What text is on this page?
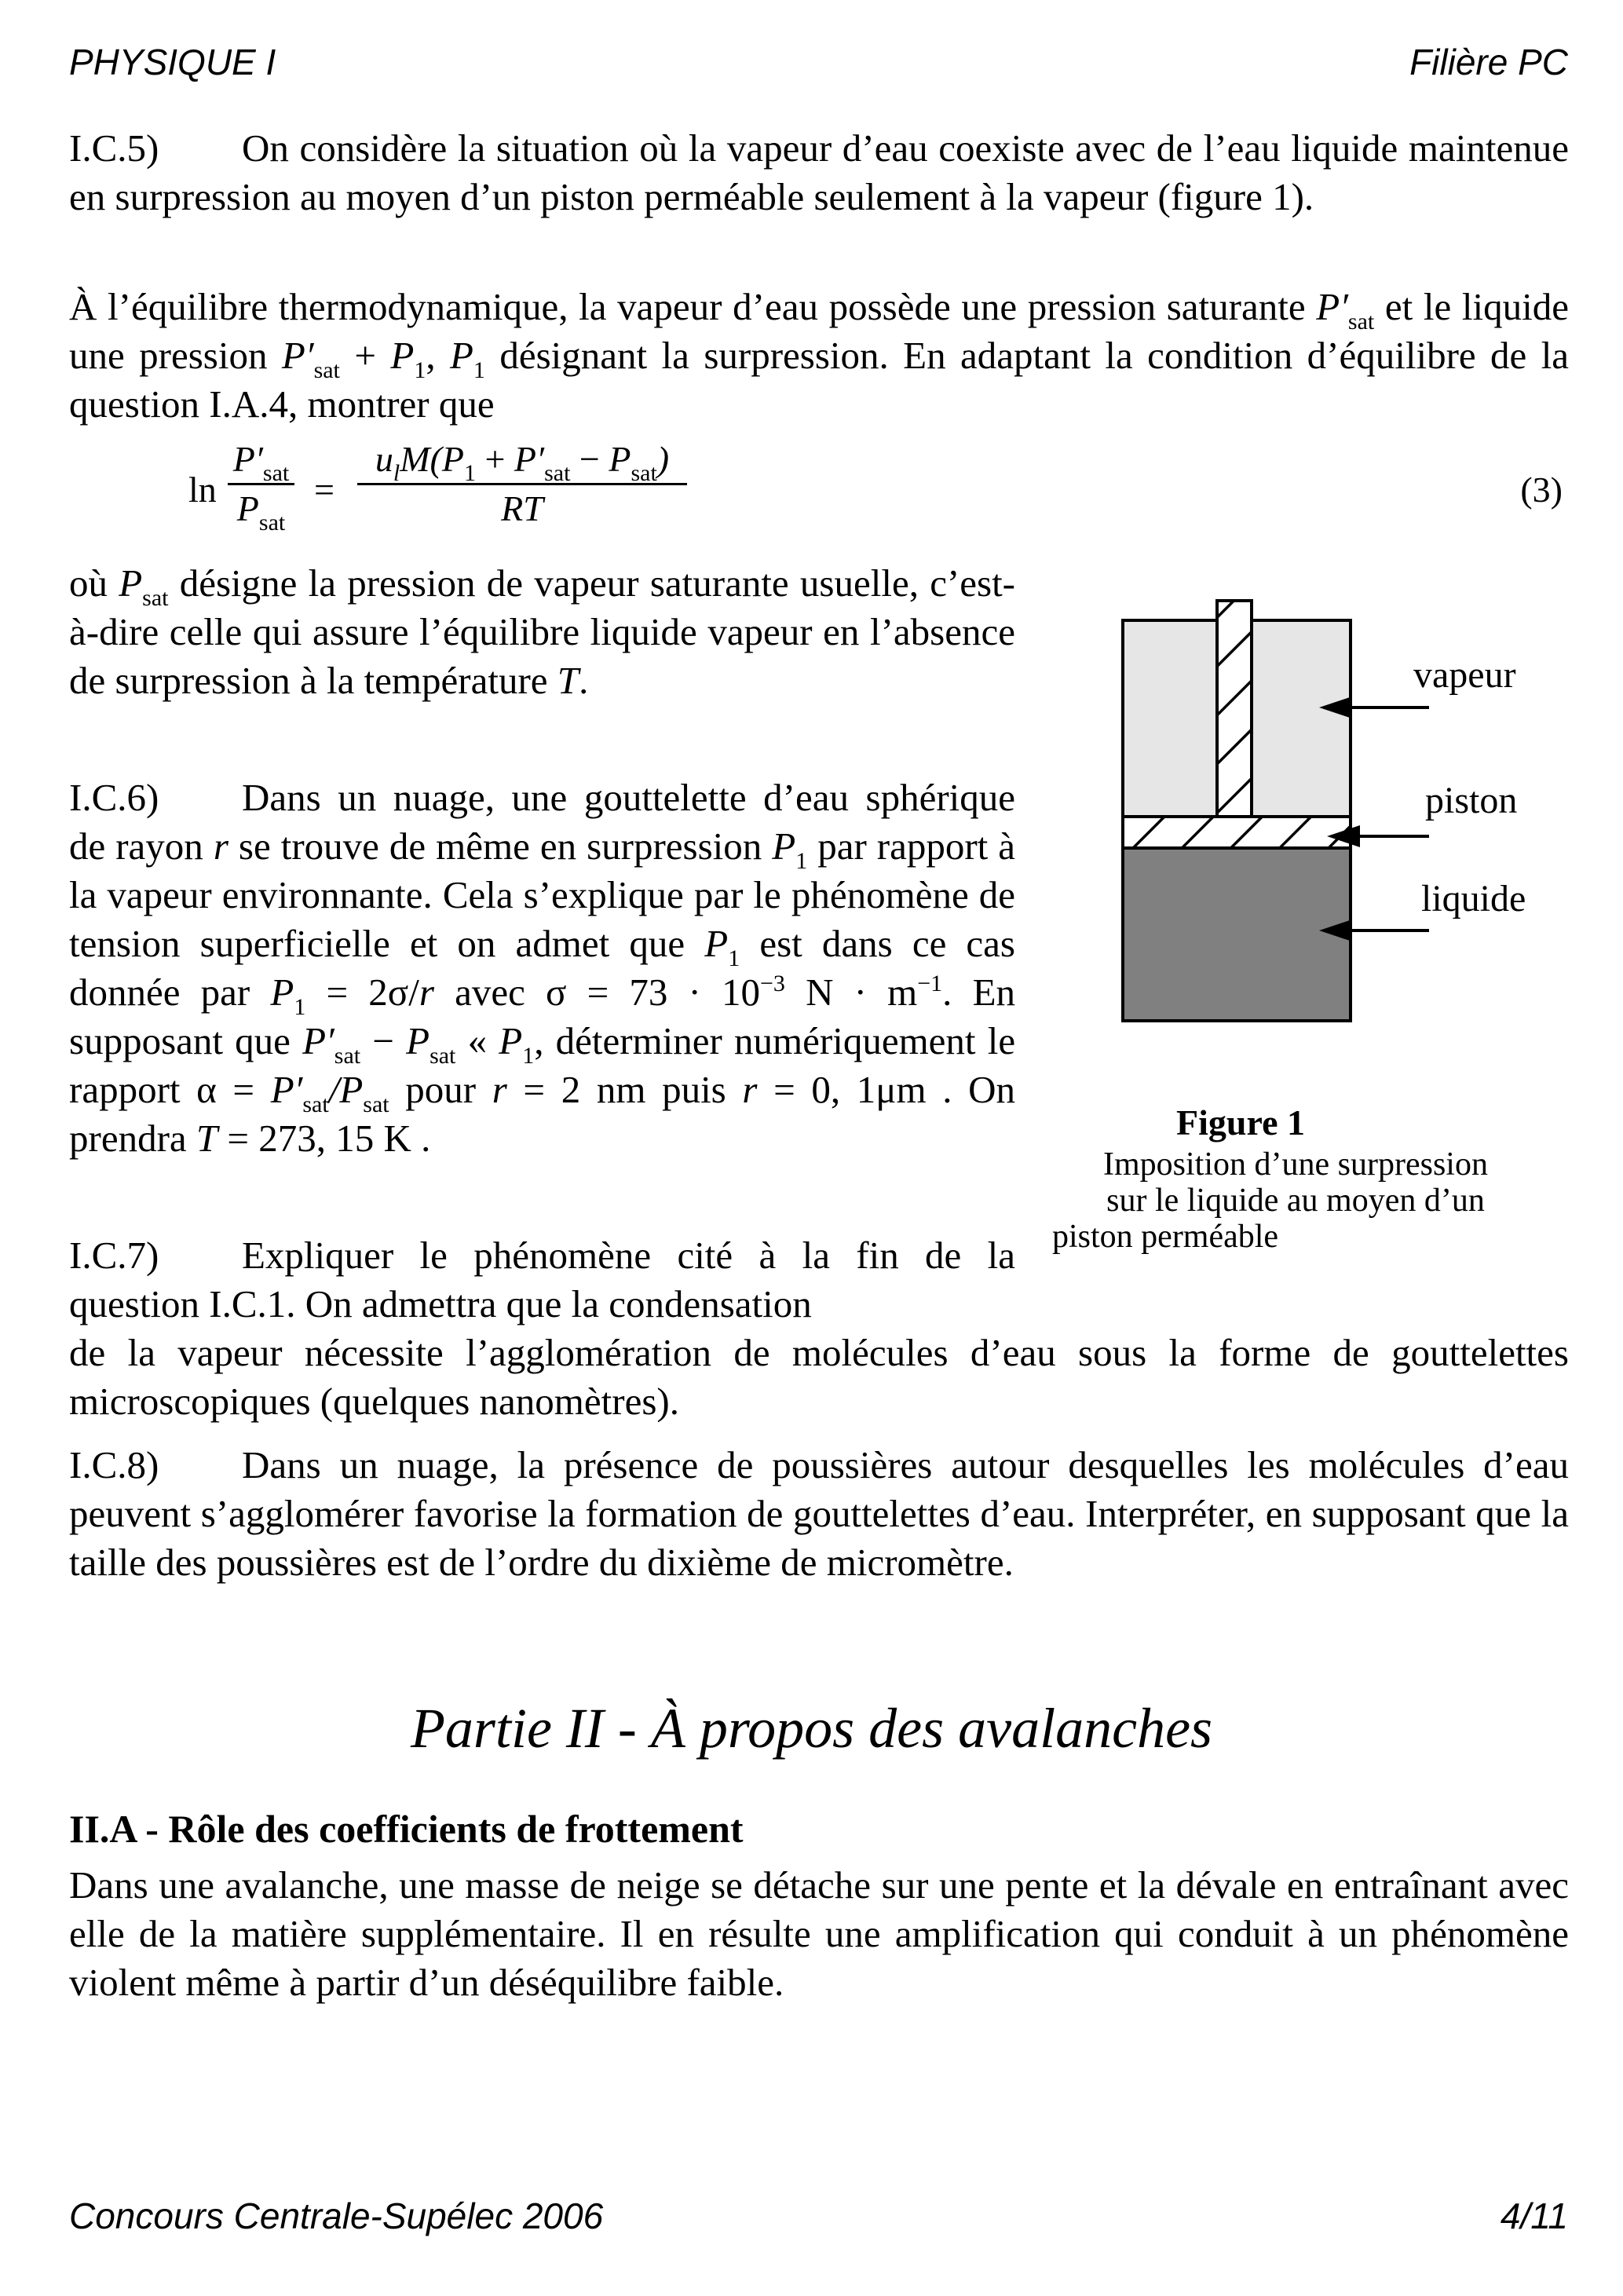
PHYSIQUE I	Filière PC
I.C.5) On considère la situation où la vapeur d’eau coexiste avec de l’eau liquide maintenue en surpression au moyen d’un piston perméable seulement à la vapeur (figure 1).
À l’équilibre thermodynamique, la vapeur d’eau possède une pression saturante $P'_{sat}$ et le liquide une pression $P'_{sat} + P_1$, $P_1$ désignant la surpression. En adaptant la condition d’équilibre de la question I.A.4, montrer que
ln
$P'_{sat}$
$P_{sat}$
=
$u_lM(P_1 + P'_{sat} - P_{sat})$
RT	(3)
où $P_{sat}$ désigne la pression de vapeur saturante usuelle, c’est-à-dire celle qui assure l’équilibre liquide vapeur en l’absence de surpression à la température T.
I.C.6) Dans un nuage, une gouttelette d’eau sphérique de rayon r se trouve de même en surpression $P_1$ par rapport à la vapeur environnante. Cela s’explique par le phénomène de tension superficielle et on admet que $P_1$ est dans ce cas donnée par $P_1 = 2\sigma/r$ avec $\sigma = 73 \cdot 10^{-3}$ $N \cdot m^{-1}$. En supposant que $P'_{sat} - P_{sat}$ « $P_1$, déterminer numériquement le rapport $\alpha = P'_{sat}/P_{sat}$ pour r = 2 nm puis r = 0, 1μm . On prendra T = 273, 15 K .
I.C.7) Expliquer le phénomène cité à la fin de la question I.C.1. On admettra que la condensation
de la vapeur nécessite l’agglomération de molécules d’eau sous la forme de gouttelettes microscopiques (quelques nanomètres).
I.C.8) Dans un nuage, la présence de poussières autour desquelles les molécules d’eau peuvent s’agglomérer favorise la formation de gouttelettes d’eau. Interpréter, en supposant que la taille des poussières est de l’ordre du dixième de micromètre.
vapeur
piston
liquide
Figure 1
Imposition d’une surpression
sur le liquide au moyen d’un
piston perméable
Partie II - À propos des avalanches
II.A - Rôle des coefficients de frottement
Dans une avalanche, une masse de neige se détache sur une pente et la dévale en entraînant avec elle de la matière supplémentaire. Il en résulte une amplification qui conduit à un phénomène violent même à partir d’un déséquilibre faible.
Concours Centrale-Supélec 2006	4/11
